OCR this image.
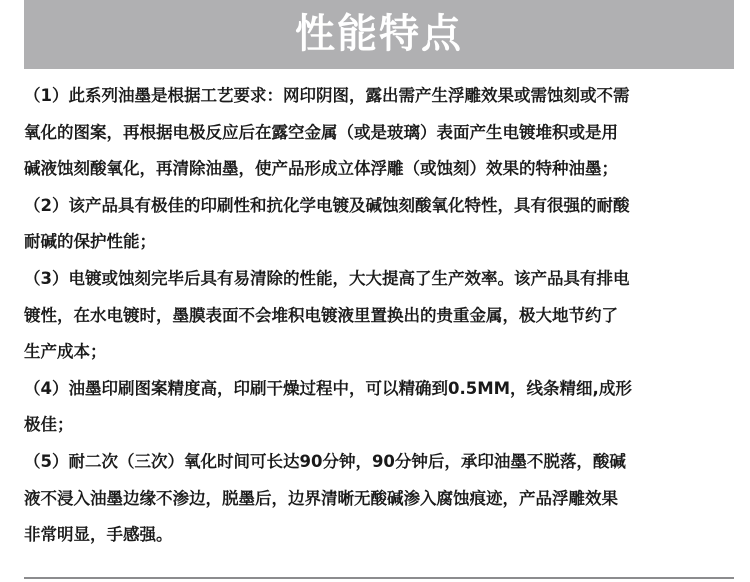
性能特点
（1）此系列油墨是根据工艺要求：网印阴图，露出需产生浮雕效果或需蚀刻或不需
氧化的图案，再根据电极反应后在露空金属（或是玻璃）表面产生电镀堆积或是用
碱液蚀刻酸氧化，再清除油墨，使产品形成立体浮雕（或蚀刻）效果的特种油墨；
（2）该产品具有极佳的印刷性和抗化学电镀及碱蚀刻酸氧化特性，具有很强的耐酸
耐碱的保护性能；
（3）电镀或蚀刻完毕后具有易清除的性能，大大提高了生产效率。该产品具有排电
镀性，在水电镀时，墨膜表面不会堆积电镀液里置换出的贵重金属，极大地节约了
生产成本；
（4）油墨印刷图案精度高，印刷干燥过程中，可以精确到0.5MM，线条精细,成形
极佳；
（5）耐二次（三次）氧化时间可长达90分钟，90分钟后，承印油墨不脱落，酸碱
液不浸入油墨边缘不渗边，脱墨后，边界清晰无酸碱渗入腐蚀痕迹，产品浮雕效果
非常明显，手感强。
